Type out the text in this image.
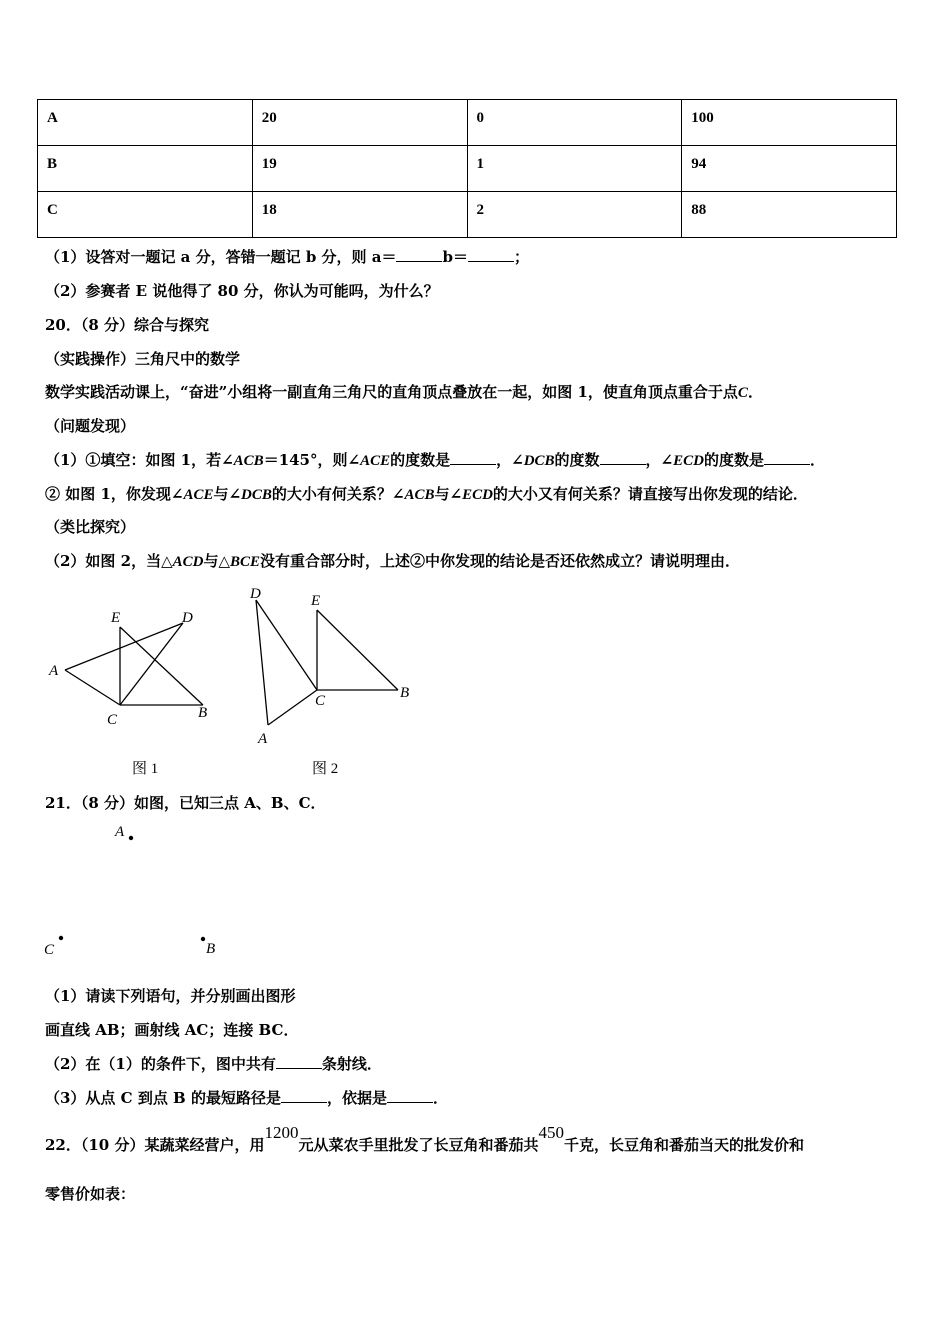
A	20	0	100
B	19	1	94
C	18	2	88
（1）设答对一题记 a 分，答错一题记 b 分，则 a＝	b＝	；
（2）参赛者 E 说他得了 80 分，你认为可能吗，为什么？
20．（8 分）综合与探究
（实践操作）三角尺中的数学
数学实践活动课上，“奋进”小组将一副直角三角尺的直角顶点叠放在一起，如图 1，使直角顶点重合于点C．
（问题发现）
（1）①填空：如图 1，若∠ACB＝145°，则∠ACE的度数是	，∠DCB的度数	，∠ECD的度数是	．
② 如图 1，你发现∠ACE与∠DCB的大小有何关系？∠ACB与∠ECD的大小又有何关系？请直接写出你发现的结论．
（类比探究）
（2）如图 2，当△ACD与△BCE没有重合部分时，上述②中你发现的结论是否还依然成立？请说明理由．
E	D
A
C	B
图 1
D	E
C	B
A
图 2
21．（8 分）如图，已知三点 A、B、C．
A
C	B
（1）请读下列语句，并分别画出图形
画直线 AB；画射线 AC；连接 BC．
（2）在（1）的条件下，图中共有	条射线．
（3）从点 C 到点 B 的最短路径是	，依据是	．
22．（10 分）某蔬菜经营户，用1200元从菜农手里批发了长豆角和番茄共450千克，长豆角和番茄当天的批发价和
零售价如表：
